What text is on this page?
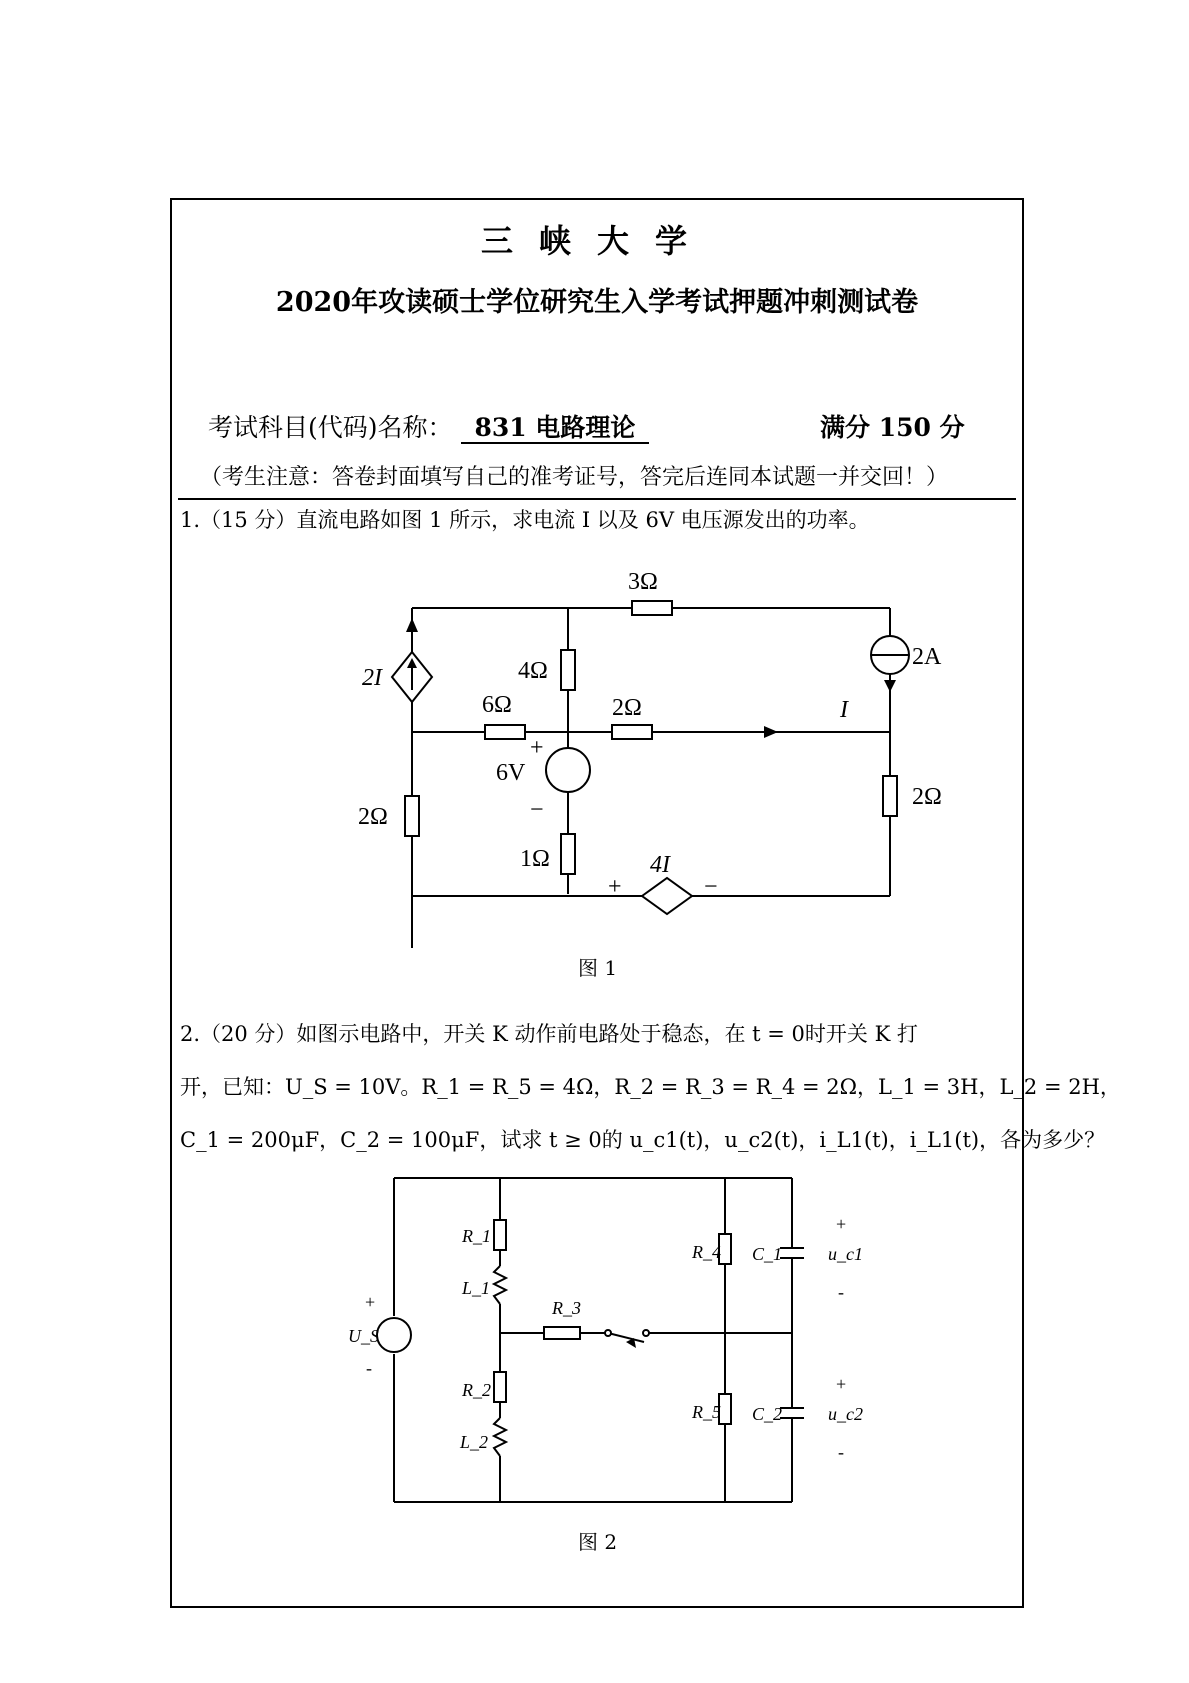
三峡大学
2020年攻读硕士学位研究生入学考试押题冲刺测试卷
考试科目(代码)名称： 831 电路理论	满分 150 分
（考生注意：答卷封面填写自己的准考证号，答完后连同本试题一并交回！）
1.（15 分）直流电路如图 1 所示，求电流 I 以及 6V 电压源发出的功率。
3Ω
2A
2I	4Ω
6Ω	2Ω	I
+
6V
−
2Ω
2Ω
1Ω	4I
+	−
图 1
2.（20 分）如图示电路中，开关 K 动作前电路处于稳态，在 t = 0时开关 K 打
开，已知：U_S = 10V。R_1 = R_5 = 4Ω，R_2 = R_3 = R_4 = 2Ω，L_1 = 3H，L_2 = 2H，
C_1 = 200μF，C_2 = 100μF，试求 t ≥ 0的 u_c1(t)，u_c2(t)，i_L1(t)，i_L1(t)，各为多少？
U_S
R_1
L_1
R_2
L_2
R_3
R_4 C_1
R_5 C_2
u_c1
u_c2
+
-
+
-
+
-
图 2
